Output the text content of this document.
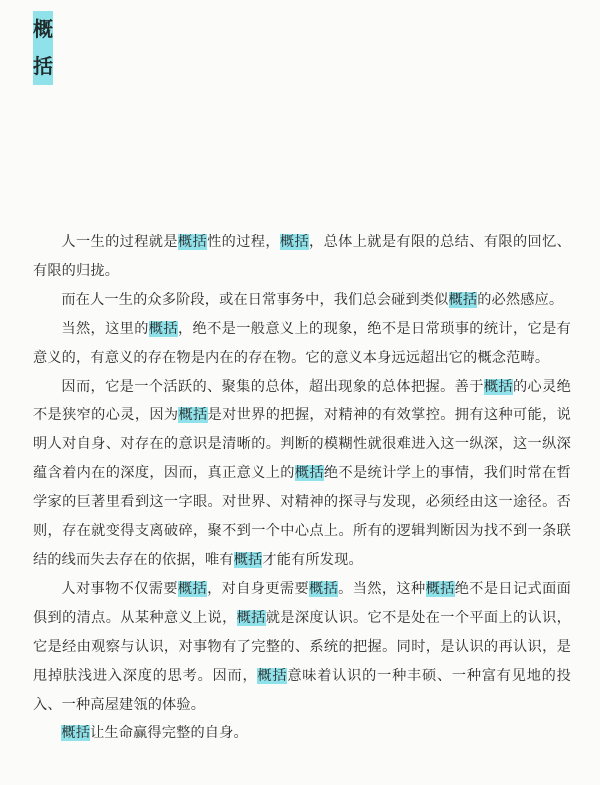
概
括

人一生的过程就是概括性的过程，概括，总体上就是有限的总结、有限的回忆、有限的归拢。

而在人一生的众多阶段，或在日常事务中，我们总会碰到类似概括的必然感应。

当然，这里的概括，绝不是一般意义上的现象，绝不是日常琐事的统计，它是有意义的，有意义的存在物是内在的存在物。它的意义本身远远超出它的概念范畴。

因而，它是一个活跃的、聚集的总体，超出现象的总体把握。善于概括的心灵绝不是狭窄的心灵，因为概括是对世界的把握，对精神的有效掌控。拥有这种可能，说明人对自身、对存在的意识是清晰的。判断的模糊性就很难进入这一纵深，这一纵深蕴含着内在的深度，因而，真正意义上的概括绝不是统计学上的事情，我们时常在哲学家的巨著里看到这一字眼。对世界、对精神的探寻与发现，必须经由这一途径。否则，存在就变得支离破碎，聚不到一个中心点上。所有的逻辑判断因为找不到一条联结的线而失去存在的依据，唯有概括才能有所发现。

人对事物不仅需要概括，对自身更需要概括。当然，这种概括绝不是日记式面面俱到的清点。从某种意义上说，概括就是深度认识。它不是处在一个平面上的认识，它是经由观察与认识，对事物有了完整的、系统的把握。同时，是认识的再认识，是甩掉肤浅进入深度的思考。因而，概括意味着认识的一种丰硕、一种富有见地的投入、一种高屋建瓴的体验。

概括让生命赢得完整的自身。
